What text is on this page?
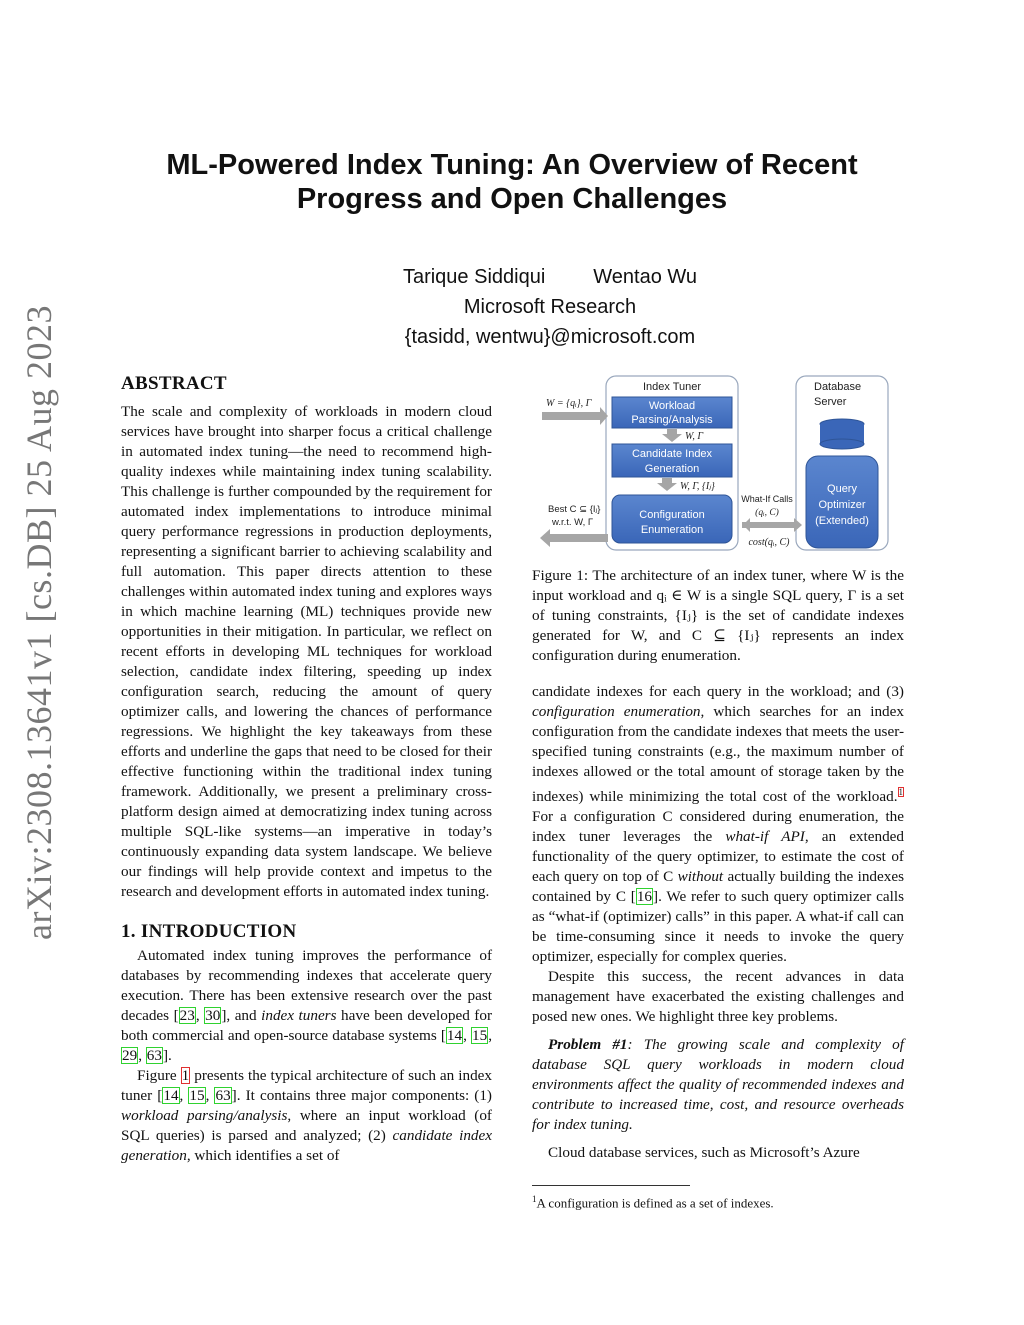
ML-Powered Index Tuning: An Overview of Recent
Progress and Open Challenges
Tarique Siddiqui Wentao Wu
Microsoft Research
{tasidd, wentwu}@microsoft.com
arXiv:2308.13641v1 [cs.DB] 25 Aug 2023	ABSTRACT

The scale and complexity of workloads in modern cloud services have brought into sharper focus a critical challenge in automated index tuning—the need to recommend high-quality indexes while maintaining index tuning scalability. This challenge is further compounded by the requirement for automated index implementations to introduce minimal query performance regressions in production deployments, representing a significant barrier to achieving scalability and full automation. This paper directs attention to these challenges within automated index tuning and explores ways in which machine learning (ML) techniques provide new opportunities in their mitigation. In particular, we reflect on recent efforts in developing ML techniques for workload selection, candidate index filtering, speeding up index configuration search, reducing the amount of query optimizer calls, and lowering the chances of performance regressions. We highlight the key takeaways from these efforts and underline the gaps that need to be closed for their effective functioning within the traditional index tuning framework. Additionally, we present a preliminary cross-platform design aimed at democratizing index tuning across multiple SQL-like systems—an imperative in today’s continuously expanding data system landscape. We believe our findings will help provide context and impetus to the research and development efforts in automated index tuning.

1. INTRODUCTION

Automated index tuning improves the performance of databases by recommending indexes that accelerate query execution. There has been extensive research over the past decades [23, 30], and index tuners have been developed for both commercial and open-source database systems [14, 15, 29, 63].

Figure 1 presents the typical architecture of such an index tuner [14, 15, 63]. It contains three major components: (1) workload parsing/analysis, where an input workload (of SQL queries) is parsed and analyzed; (2) candidate index generation, which identifies a set of

Index Tuner	Database
Server
Workload
Parsing/Analysis
W, Γ
Candidate Index
Generation
W, Γ, {Iⱼ}
Configuration
Enumeration
Query
Optimizer
(Extended)
W = {qᵢ}, Γ
Best C ⊆ {Iⱼ}
w.r.t. W, Γ
What-If Calls
(qᵢ, C)
cost(qᵢ, C)

Figure 1: The architecture of an index tuner, where W is the input workload and qᵢ ∈ W is a single SQL query, Γ is a set of tuning constraints, {Iⱼ} is the set of candidate indexes generated for W, and C ⊆ {Iⱼ} represents an index configuration during enumeration.

candidate indexes for each query in the workload; and (3) configuration enumeration, which searches for an index configuration from the candidate indexes that meets the user-specified tuning constraints (e.g., the maximum number of indexes allowed or the total amount of storage taken by the indexes) while minimizing the total cost of the workload.$^1$ For a configuration C considered during enumeration, the index tuner leverages the what-if API, an extended functionality of the query optimizer, to estimate the cost of each query on top of C without actually building the indexes contained by C [16]. We refer to such query optimizer calls as “what-if (optimizer) calls” in this paper. A what-if call can be time-consuming since it needs to invoke the query optimizer, especially for complex queries.

Despite this success, the recent advances in data management have exacerbated the existing challenges and posed new ones. We highlight three key problems.

Problem #1: The growing scale and complexity of database SQL query workloads in modern cloud environments affect the quality of recommended indexes and contribute to increased time, cost, and resource overheads for index tuning.

Cloud database services, such as Microsoft’s Azure

$^1$A configuration is defined as a set of indexes.
